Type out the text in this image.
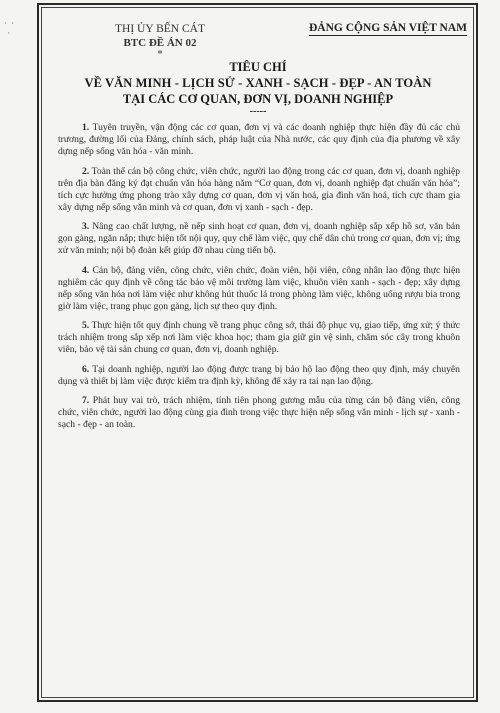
· ·
·	THỊ ỦY BẾN CÁT
BTC ĐỀ ÁN 02
*
ĐẢNG CỘNG SẢN VIỆT NAM
TIÊU CHÍ
VỀ VĂN MINH - LỊCH SỬ - XANH - SẠCH - ĐẸP - AN TOÀN
TẠI CÁC CƠ QUAN, ĐƠN VỊ, DOANH NGHIỆP
-----

1. Tuyên truyền, vận động các cơ quan, đơn vị và các doanh nghiệp thực hiện đầy đủ các chủ trương, đường lối của Đảng, chính sách, pháp luật của Nhà nước, các quy định của địa phương về xây dựng nếp sống văn hóa - văn minh.

2. Toàn thể cán bộ công chức, viên chức, người lao động trong các cơ quan, đơn vị, doanh nghiệp trên địa bàn đăng ký đạt chuẩn văn hóa hàng năm “Cơ quan, đơn vị, doanh nghiệp đạt chuẩn văn hóa”; tích cực hưởng ứng phong trào xây dựng cơ quan, đơn vị văn hoá, gia đình văn hoá, tích cực tham gia xây dựng nếp sống văn minh và cơ quan, đơn vị xanh - sạch - đẹp.

3. Nâng cao chất lượng, nề nếp sinh hoạt cơ quan, đơn vị, doanh nghiệp sắp xếp hồ sơ, văn bản gọn gàng, ngăn nắp; thực hiện tốt nội quy, quy chế làm việc, quy chế dân chủ trong cơ quan, đơn vị; ứng xử văn minh; nội bộ đoàn kết giúp đỡ nhau cùng tiến bộ.

4. Cán bộ, đảng viên, công chức, viên chức, đoàn viên, hội viên, công nhân lao động thực hiện nghiêm các quy định về công tác bảo vệ môi trường làm việc, khuôn viên xanh - sạch - đẹp; xây dựng nếp sống văn hóa nơi làm việc như không hút thuốc lá trong phòng làm việc, không uống rượu bia trong giờ làm việc, trang phục gọn gàng, lịch sự theo quy định.

5. Thực hiện tốt quy định chung về trang phục công sở, thái độ phục vụ, giao tiếp, ứng xử; ý thức trách nhiệm trong sắp xếp nơi làm việc khoa học; tham gia giữ gìn vệ sinh, chăm sóc cây trong khuôn viên, bảo vệ tài sản chung cơ quan, đơn vị, doanh nghiệp.

6. Tại doanh nghiệp, người lao động được trang bị bảo hộ lao động theo quy định, máy chuyên dụng và thiết bị làm việc được kiểm tra định kỳ, không để xảy ra tai nạn lao động.

7. Phát huy vai trò, trách nhiệm, tính tiên phong gương mẫu của từng cán bộ đảng viên, công chức, viên chức, người lao động cùng gia đình trong việc thực hiện nếp sống văn minh - lịch sự - xanh - sạch - đẹp - an toàn.
